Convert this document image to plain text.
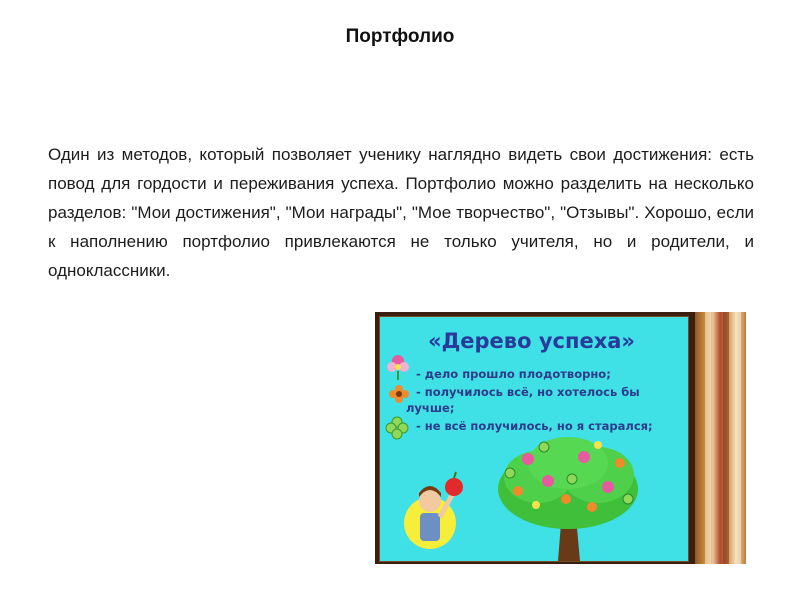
Портфолио

Один из методов, который позволяет ученику наглядно видеть свои достижения: есть повод для гордости и переживания успеха. Портфолио можно разделить на несколько разделов: "Мои достижения", "Мои награды", "Мое творчество", "Отзывы". Хорошо, если к наполнению портфолио привлекаются не только учителя, но и родители, и одноклассники.

«Дерево успеха»
- дело прошло плодотворно;
- получилось всё, но хотелось бы
лучше;
- не всё получилось, но я старался;
